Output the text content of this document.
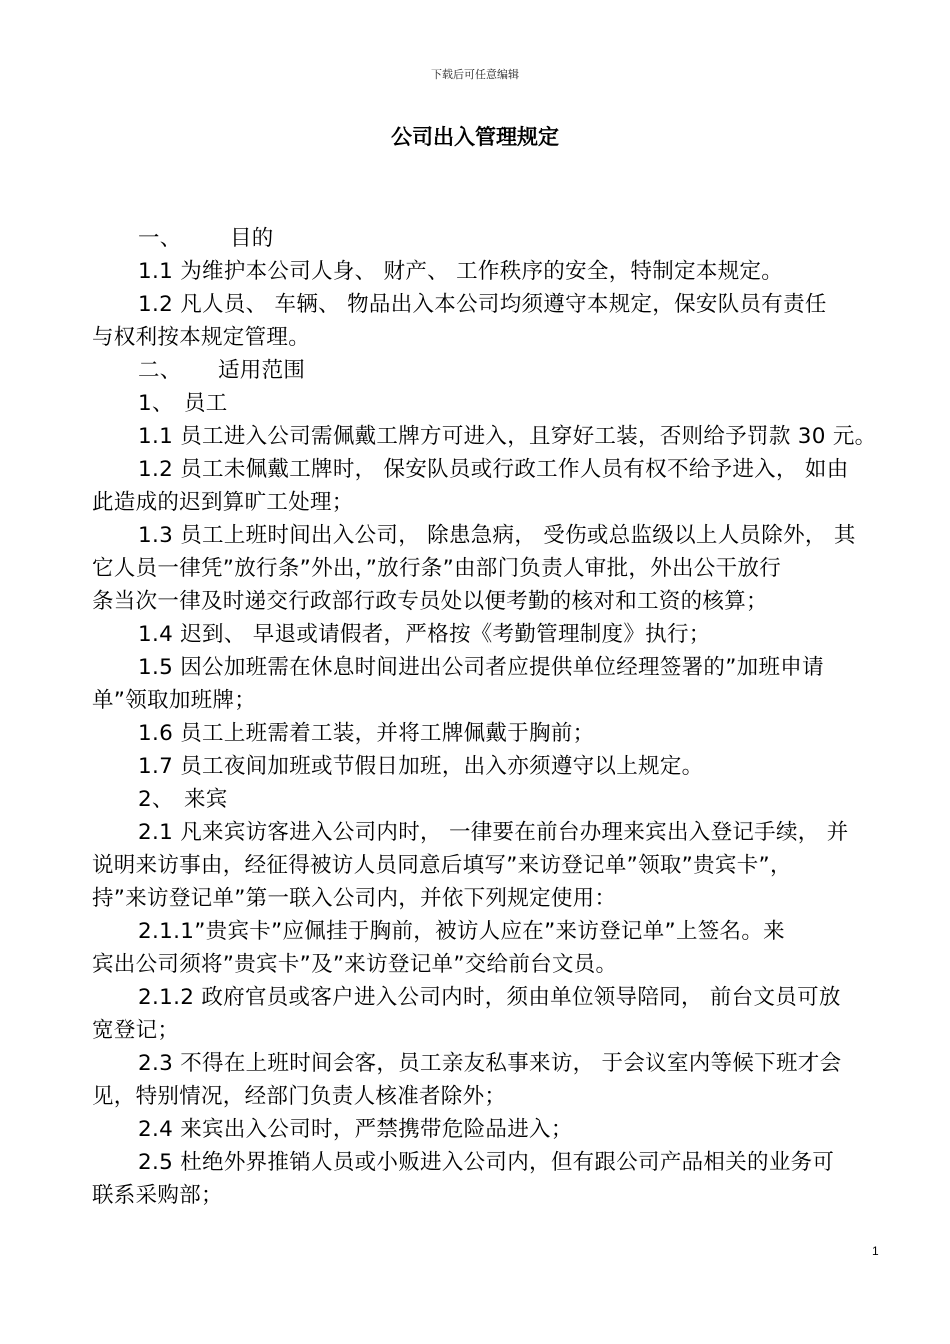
下载后可任意编辑
公司出入管理规定
一、 目的
1.1 为维护本公司人身、 财产、 工作秩序的安全，特制定本规定。
1.2 凡人员、 车辆、 物品出入本公司均须遵守本规定，保安队员有责任
与权利按本规定管理。
二、 适用范围
1、 员工
1.1 员工进入公司需佩戴工牌方可进入，且穿好工装，否则给予罚款 30 元。
1.2 员工未佩戴工牌时， 保安队员或行政工作人员有权不给予进入， 如由
此造成的迟到算旷工处理；
1.3 员工上班时间出入公司， 除患急病， 受伤或总监级以上人员除外， 其
它人员一律凭”放行条”外出，”放行条”由部门负责人审批，外出公干放行
条当次一律及时递交行政部行政专员处以便考勤的核对和工资的核算；
1.4 迟到、 早退或请假者，严格按《考勤管理制度》执行；
1.5 因公加班需在休息时间进出公司者应提供单位经理签署的”加班申请
单”领取加班牌；
1.6 员工上班需着工装，并将工牌佩戴于胸前；
1.7 员工夜间加班或节假日加班，出入亦须遵守以上规定。
2、 来宾
2.1 凡来宾访客进入公司内时， 一律要在前台办理来宾出入登记手续， 并
说明来访事由，经征得被访人员同意后填写”来访登记单”领取”贵宾卡”，
持”来访登记单”第一联入公司内，并依下列规定使用：
2.1.1”贵宾卡”应佩挂于胸前，被访人应在”来访登记单”上签名。来
宾出公司须将”贵宾卡”及”来访登记单”交给前台文员。
2.1.2 政府官员或客户进入公司内时，须由单位领导陪同， 前台文员可放
宽登记；
2.3 不得在上班时间会客，员工亲友私事来访， 于会议室内等候下班才会
见，特别情况，经部门负责人核准者除外；
2.4 来宾出入公司时，严禁携带危险品进入；
2.5 杜绝外界推销人员或小贩进入公司内，但有跟公司产品相关的业务可
联系采购部；
1
